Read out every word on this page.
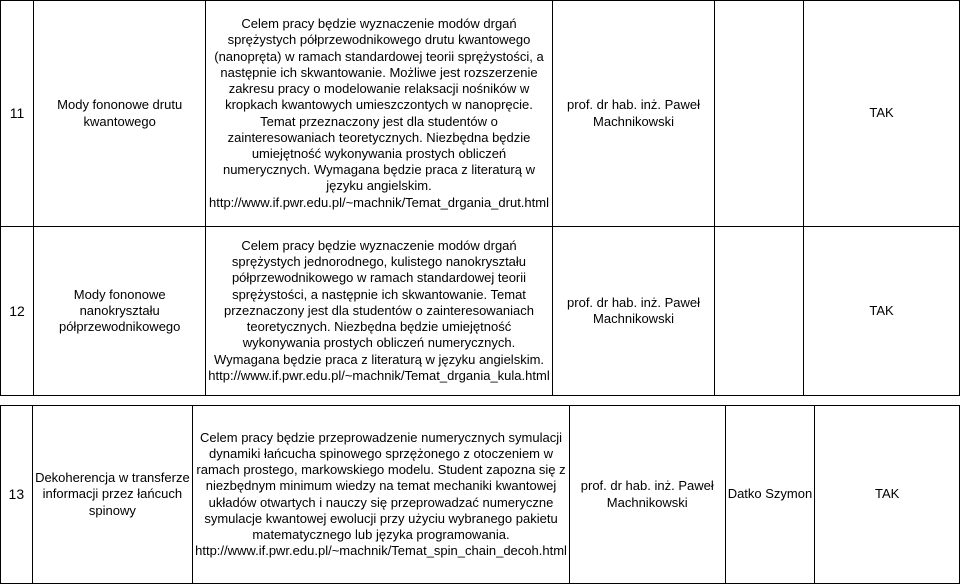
11	Mody fononowe drutu kwantowego	Celem pracy będzie wyznaczenie modów drgań sprężystych półprzewodnikowego drutu kwantowego (nanopręta) w ramach standardowej teorii sprężystości, a następnie ich skwantowanie. Możliwe jest rozszerzenie zakresu pracy o modelowanie relaksacji nośników w kropkach kwantowych umieszczontych w nanopręcie. Temat przeznaczony jest dla studentów o zainteresowaniach teoretycznych. Niezbędna będzie umiejętność wykonywania prostych obliczeń numerycznych. Wymagana będzie praca z literaturą w języku angielskim. http://www.if.pwr.edu.pl/~machnik/Temat_drgania_drut.html	prof. dr hab. inż. Paweł Machnikowski		TAK
12	Mody fononowe nanokryształu półprzewodnikowego	Celem pracy będzie wyznaczenie modów drgań sprężystych jednorodnego, kulistego nanokryształu półprzewodnikowego w ramach standardowej teorii sprężystości, a następnie ich skwantowanie. Temat przeznaczony jest dla studentów o zainteresowaniach teoretycznych. Niezbędna będzie umiejętność wykonywania prostych obliczeń numerycznych. Wymagana będzie praca z literaturą w języku angielskim. http://www.if.pwr.edu.pl/~machnik/Temat_drgania_kula.html	prof. dr hab. inż. Paweł Machnikowski		TAK
13	Dekoherencja w transferze informacji przez łańcuch spinowy	Celem pracy będzie przeprowadzenie numerycznych symulacji dynamiki łańcucha spinowego sprzężonego z otoczeniem w ramach prostego, markowskiego modelu. Student zapozna się z niezbędnym minimum wiedzy na temat mechaniki kwantowej układów otwartych i nauczy się przeprowadzać numeryczne symulacje kwantowej ewolucji przy użyciu wybranego pakietu matematycznego lub języka programowania. http://www.if.pwr.edu.pl/~machnik/Temat_spin_chain_decoh.html	prof. dr hab. inż. Paweł Machnikowski	Datko Szymon	TAK
